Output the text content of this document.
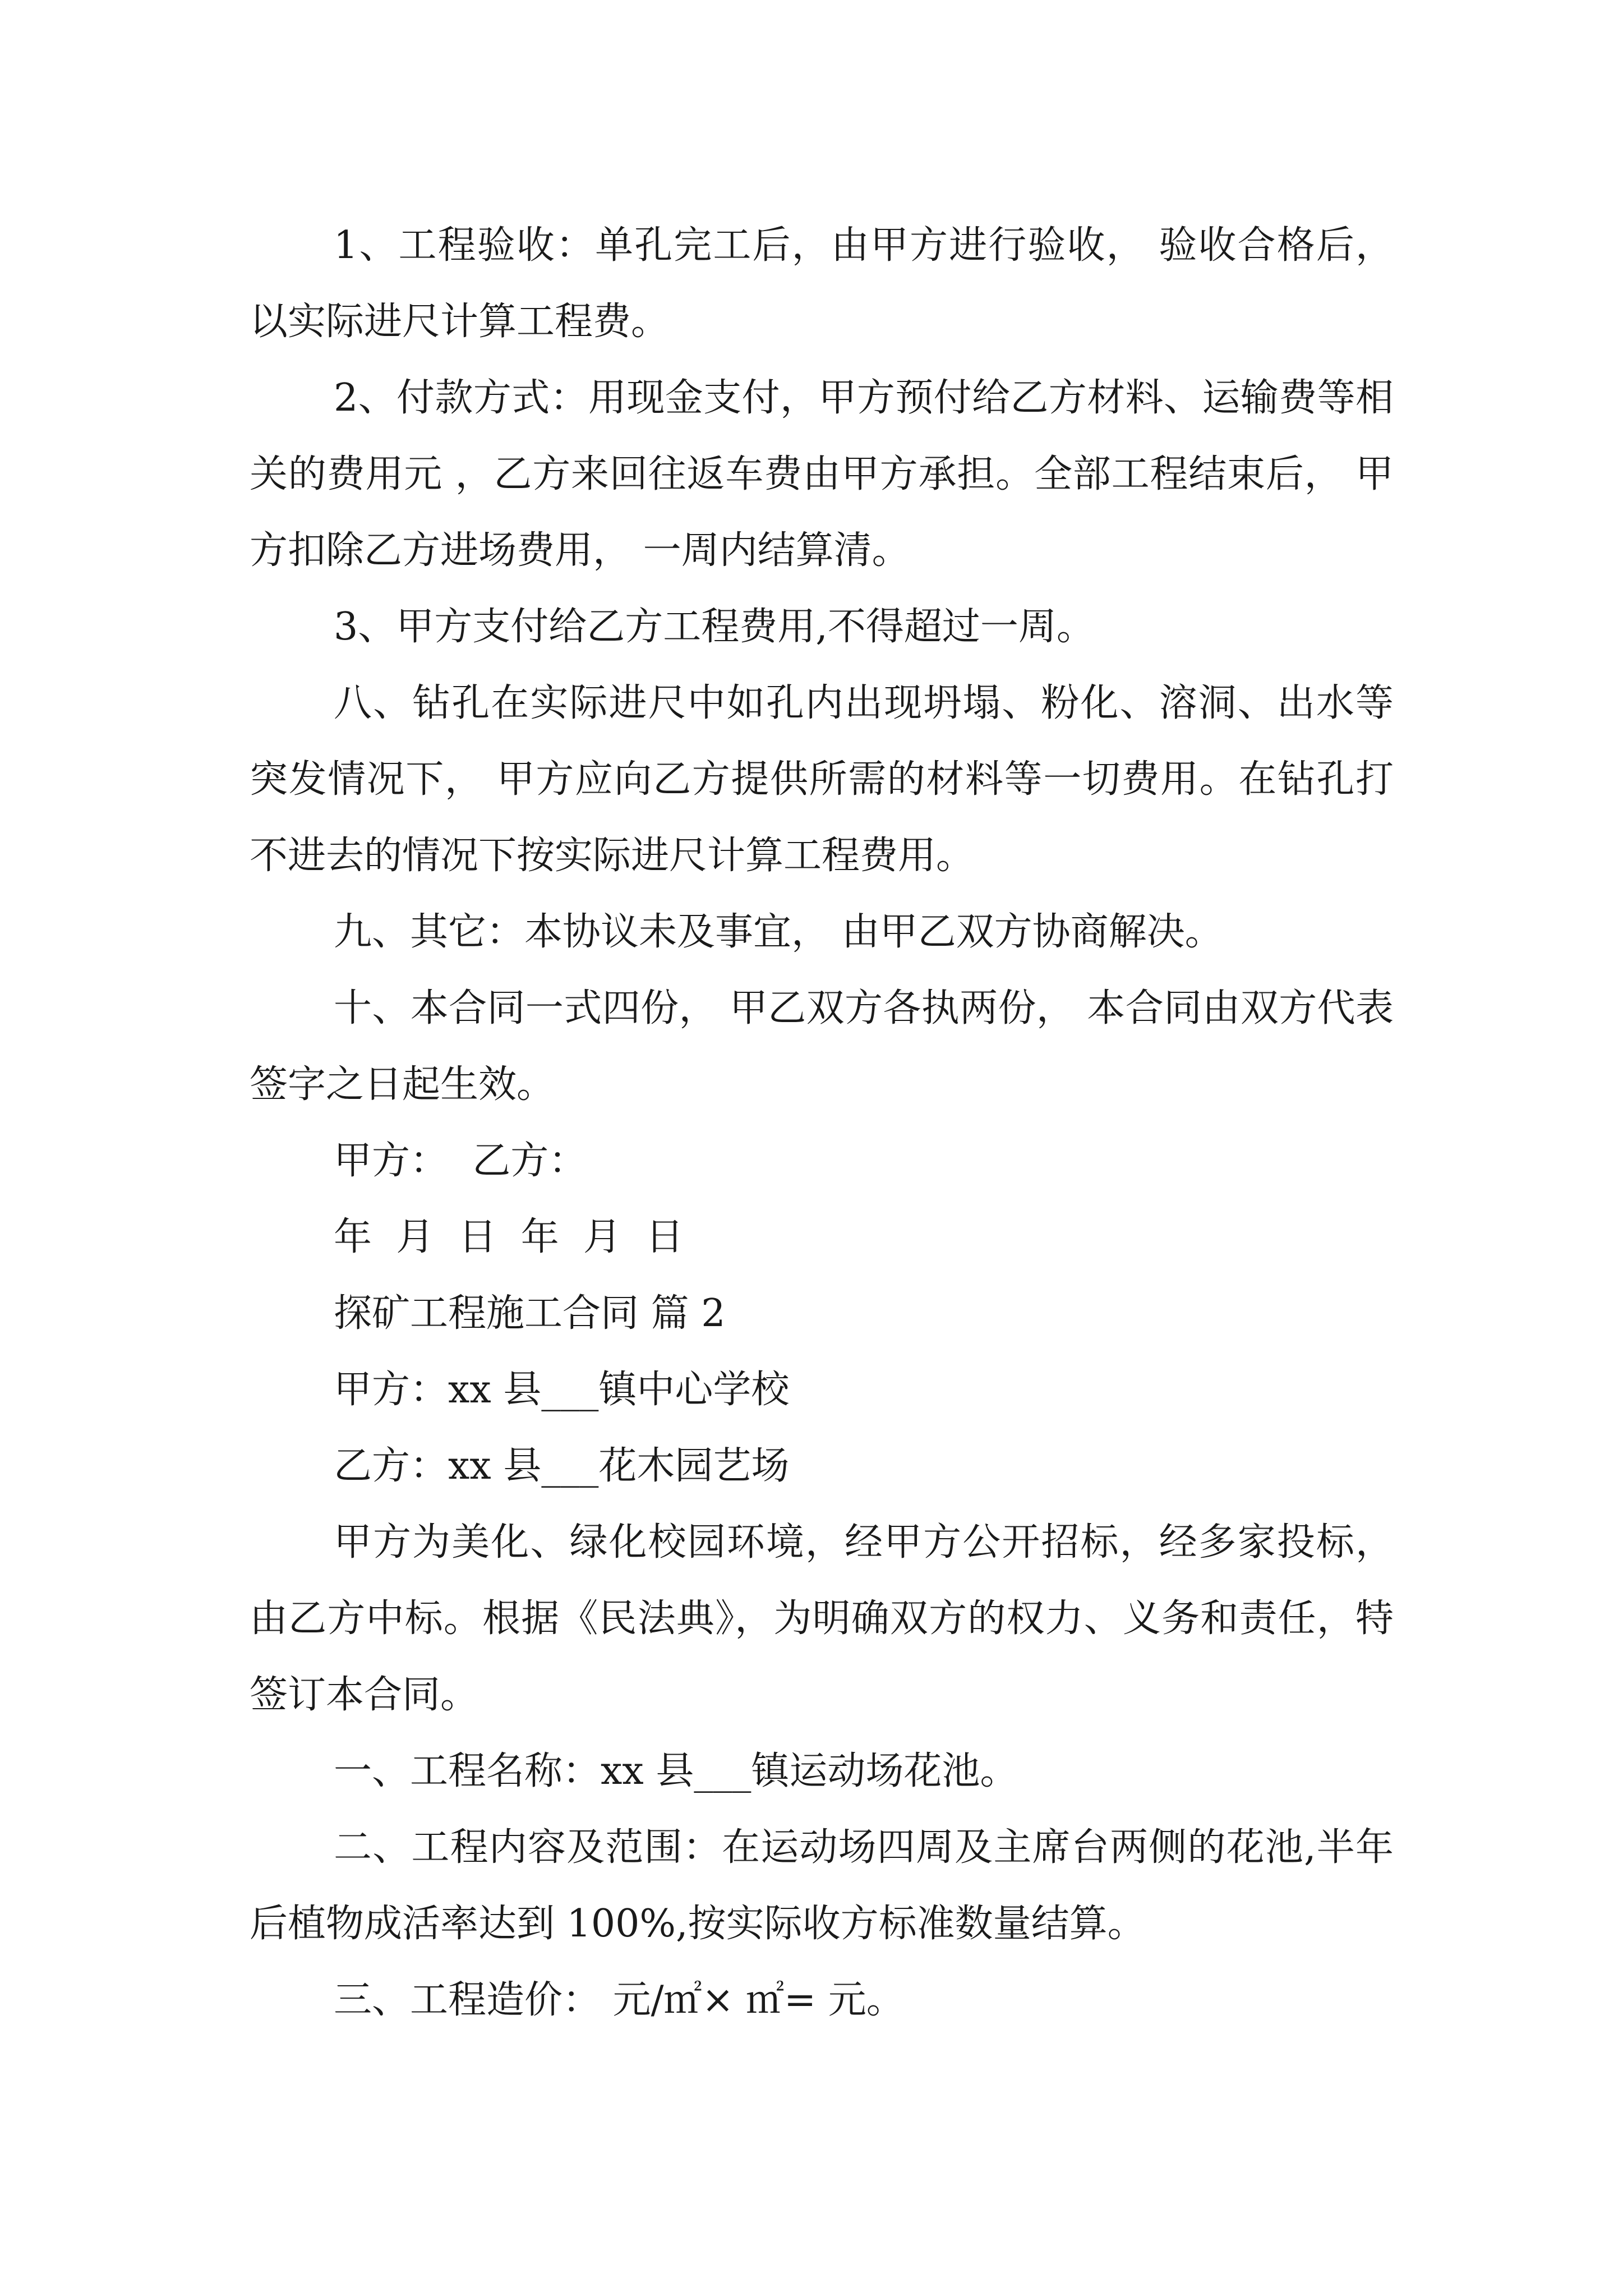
1、工程验收：单孔完工后，由甲方进行验收， 验收合格后，以实际进尺计算工程费。

2、付款方式：用现金支付，甲方预付给乙方材料、运输费等相关的费用元 ，乙方来回往返车费由甲方承担。全部工程结束后， 甲方扣除乙方进场费用， 一周内结算清。

3、甲方支付给乙方工程费用,不得超过一周。

八、钻孔在实际进尺中如孔内出现坍塌、粉化、溶洞、出水等突发情况下， 甲方应向乙方提供所需的材料等一切费用。在钻孔打不进去的情况下按实际进尺计算工程费用。

九、其它：本协议未及事宜， 由甲乙双方协商解决。

十、本合同一式四份， 甲乙双方各执两份， 本合同由双方代表签字之日起生效。

甲方：  乙方：

年  月  日  年  月  日

探矿工程施工合同 篇 2

甲方：xx 县___镇中心学校

乙方：xx 县___花木园艺场

甲方为美化、绿化校园环境，经甲方公开招标，经多家投标，由乙方中标。根据《民法典》，为明确双方的权力、义务和责任，特签订本合同。

一、工程名称：xx 县___镇运动场花池。

二、工程内容及范围：在运动场四周及主席台两侧的花池,半年后植物成活率达到 100%,按实际收方标准数量结算。

三、工程造价： 元/㎡× ㎡= 元。
